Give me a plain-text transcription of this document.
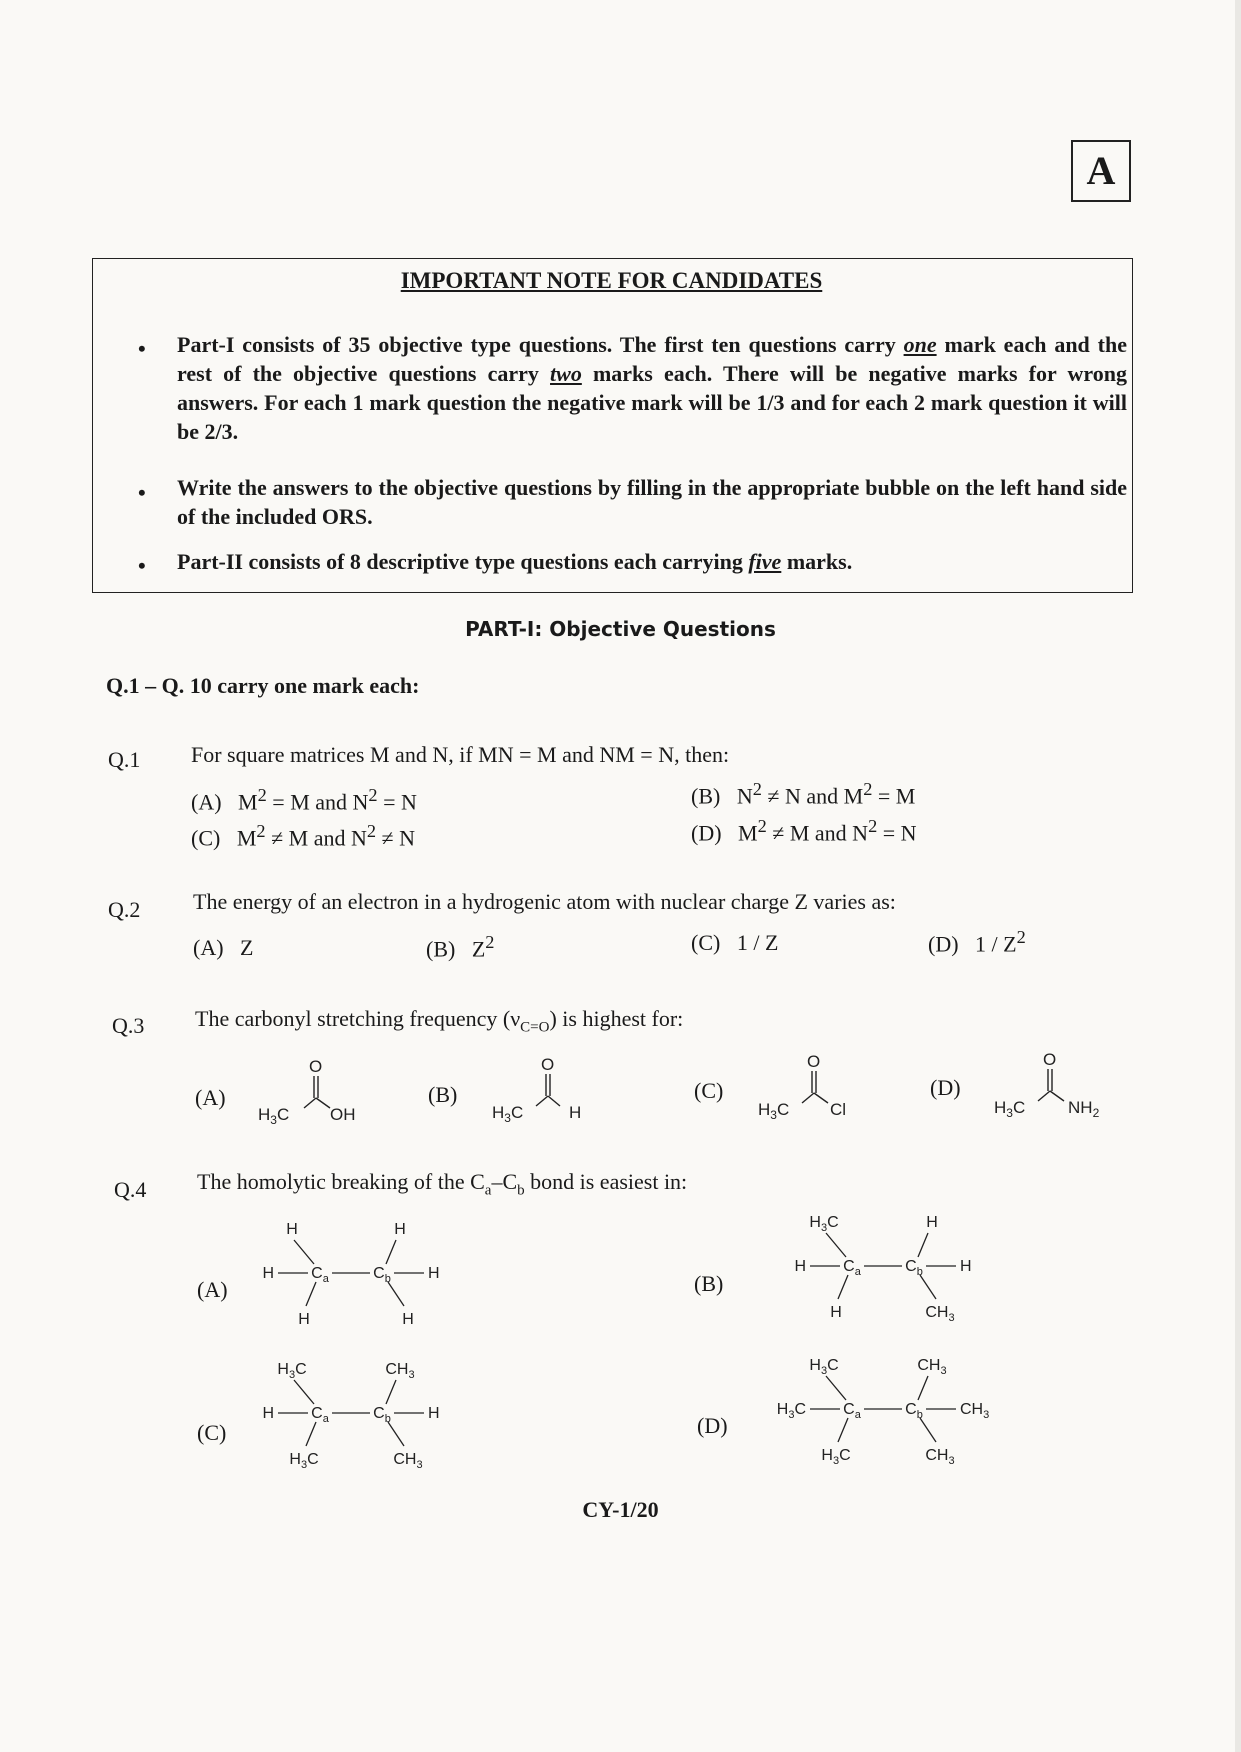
A
IMPORTANT NOTE FOR CANDIDATES
• Part-I consists of 35 objective type questions. The first ten questions carry one mark each and the rest of the objective questions carry two marks each. There will be negative marks for wrong answers. For each 1 mark question the negative mark will be 1/3 and for each 2 mark question it will be 2/3.
• Write the answers to the objective questions by filling in the appropriate bubble on the left hand side of the included ORS.
• Part-II consists of 8 descriptive type questions each carrying five marks.
PART-I: Objective Questions
Q.1 – Q. 10 carry one mark each:
Q.1 For square matrices M and N, if MN = M and NM = N, then:
(A) $M^2 = M$ and $N^2 = N$	(B) $N^2 \ne N$ and $M^2 = M$
(C) $M^2 \ne M$ and $N^2 \ne N$	(D) $M^2 \ne M$ and $N^2 = N$
Q.2 The energy of an electron in a hydrogenic atom with nuclear charge Z varies as:
(A) Z	(B) $Z^2$	(C) 1 / Z	(D) $1 / Z^2$
Q.3 The carbonyl stretching frequency $(\nu_{C=O})$ is highest for:
(A)
O
$H_3C$ OH
(B)
O
$H_3C$	H
(C)
O
$H_3C$ Cl
(D)
O
$H_3C$	$NH_2$
Q.4 The homolytic breaking of the $C_a-C_b$ bond is easiest in:
(A)	(B)
(C)	(D)
$C_a$	$C_b$
H
H
H
H
H
H
$C_a$	$C_b$
$H_3C$
H
H
H
H
$CH_3$
$C_a$	$C_b$
$H_3C$
H
$H_3C$
$CH_3$
H
$CH_3$
$C_a$	$C_b$
$H_3C$
$H_3C$
$H_3C$
$CH_3$
$CH_3$
$CH_3$
CY-1/20
